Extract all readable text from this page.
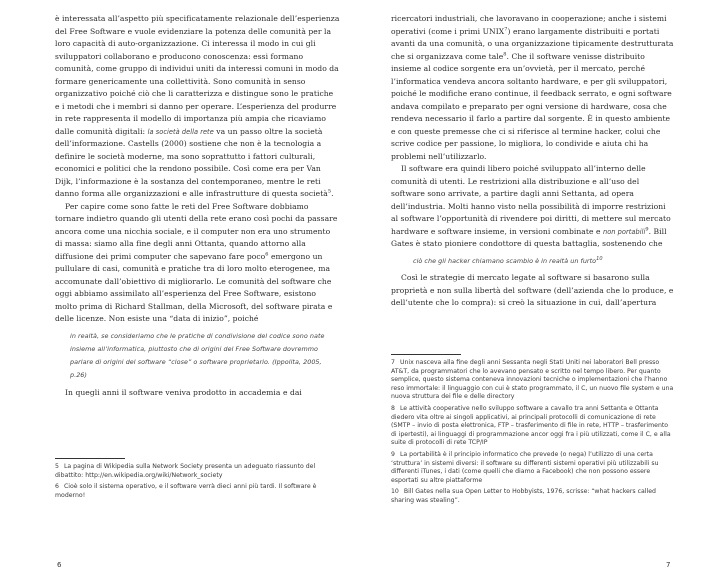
è interessata all’aspetto più specificatamente relazionale dell’esperienza del Free Software e vuole evidenziare la potenza delle comunità per la loro capacità di auto-organizzazione. Ci interessa il modo in cui gli sviluppatori collaborano e producono conoscenza: essi formano comunità, come gruppo di individui uniti da interessi comuni in modo da formare genericamente una collettività. Sono comunità in senso organizzativo poiché ciò che li caratterizza e distingue sono le pratiche e i metodi che i membri si danno per operare. L’esperienza del produrre in rete rappresenta il modello di importanza più ampia che ricaviamo dalle comunità digitali: la società della rete va un passo oltre la società dell’informazione. Castells (2000) sostiene che non è la tecnologia a definire le società moderne, ma sono soprattutto i fattori culturali, economici e politici che la rendono possibile. Così come era per Van Dijk, l’informazione è la sostanza del contemporaneo, mentre le reti danno forma alle organizzazioni e alle infrastrutture di questa società$^5$.

Per capire come sono fatte le reti del Free Software dobbiamo tornare indietro quando gli utenti della rete erano così pochi da passare ancora come una nicchia sociale, e il computer non era uno strumento di massa: siamo alla fine degli anni Ottanta, quando attorno alla diffusione dei primi computer che sapevano fare poco$^6$ emergono un pullulare di casi, comunità e pratiche tra di loro molto eterogenee, ma accomunate dall’obiettivo di migliorarlo. Le comunità del software che oggi abbiamo assimilato all’esperienza del Free Software, esistono molto prima di Richard Stallman, della Microsoft, del software pirata e delle licenze. Non esiste una “data di inizio”, poiché

in realtà, se consideriamo che le pratiche di condivisione del codice sono nate insieme all’informatica, piuttosto che di origini del Free Software dovremmo parlare di origini del software “close” o software proprietario. (Ippolita, 2005, p.26)

In quegli anni il software veniva prodotto in accademia e dai

5 La pagina di Wikipedia sulla Network Society presenta un adeguato riassunto del dibattito: http://en.wikipedia.org/wiki/Network_society

6 Cioè solo il sistema operativo, e il software verrà dieci anni più tardi. Il software è moderno!

6

ricercatori industriali, che lavoravano in cooperazione; anche i sistemi operativi (come i primi UNIX$^7$) erano largamente distribuiti e portati avanti da una comunità, o una organizzazione tipicamente destrutturata che si organizzava come tale$^8$. Che il software venisse distribuito insieme al codice sorgente era un’ovvietà, per il mercato, perché l’informatica vendeva ancora soltanto hardware, e per gli sviluppatori, poiché le modifiche erano continue, il feedback serrato, e ogni software andava compilato e preparato per ogni versione di hardware, cosa che rendeva necessario il farlo a partire dal sorgente. È in questo ambiente e con queste premesse che ci si riferisce al termine hacker, colui che scrive codice per passione, lo migliora, lo condivide e aiuta chi ha problemi nell’utilizzarlo.

Il software era quindi libero poiché sviluppato all’interno delle comunità di utenti. Le restrizioni alla distribuzione e all’uso del software sono arrivate, a partire dagli anni Settanta, ad opera dell’industria. Molti hanno visto nella possibilità di imporre restrizioni al software l’opportunità di rivendere poi diritti, di mettere sul mercato hardware e software insieme, in versioni combinate e non portabili$^9$. Bill Gates è stato pioniere condottore di questa battaglia, sostenendo che

ciò che gli hacker chiamano scambio è in realtà un furto$^{10}$

Così le strategie di mercato legate al software si basarono sulla proprietà e non sulla libertà del software (dell’azienda che lo produce, e dell’utente che lo compra): si creò la situazione in cui, dall’apertura

7 Unix nasceva alla fine degli anni Sessanta negli Stati Uniti nei laboratori Bell presso AT&T, da programmatori che lo avevano pensato e scritto nel tempo libero. Per quanto semplice, questo sistema conteneva innovazioni tecniche o implementazioni che l’hanno reso immortale: il linguaggio con cui è stato programmato, il C, un nuovo file system e una nuova struttura dei file e delle directory

8 Le attività cooperative nello sviluppo software a cavallo tra anni Settanta e Ottanta diedero vita oltre ai singoli applicativi, ai principali protocolli di comunicazione di rete (SMTP – invio di posta elettronica, FTP – trasferimento di file in rete, HTTP – trasferimento di ipertesti), ai linguaggi di programmazione ancor oggi fra i più utilizzati, come il C, e alla suite di protocolli di rete TCP/IP

9 La portabilità è il principio informatico che prevede (o nega) l’utilizzo di una certa ‘struttura’ in sistemi diversi: il software su differenti sistemi operativi più utilizzabili su differenti iTunes, i dati (come quelli che diamo a Facebook) che non possono essere esportati su altre piattaforme

10 Bill Gates nella sua Open Letter to Hobbyists, 1976, scrisse: “what hackers called sharing was stealing”.

7
